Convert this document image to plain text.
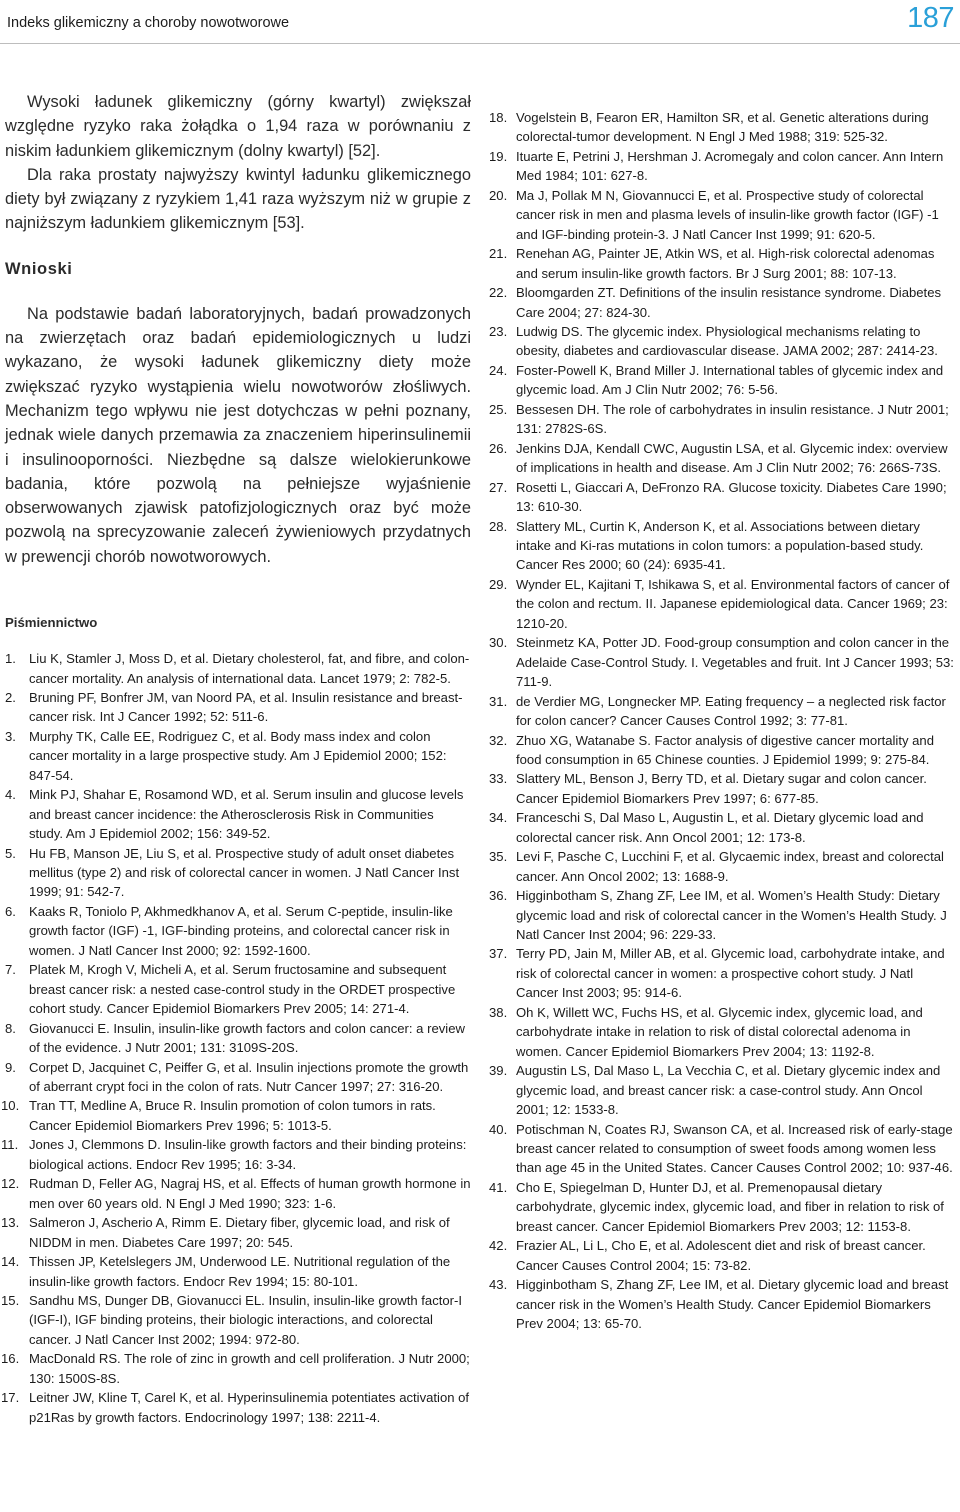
Indeks glikemiczny a choroby nowotworowe	187

Wysoki ładunek glikemiczny (górny kwartyl) zwiększał względne ryzyko raka żołądka o 1,94 raza w porównaniu z niskim ładunkiem glikemicznym (dolny kwartyl) [52].

Dla raka prostaty najwyższy kwintyl ładunku glikemicznego diety był związany z ryzykiem 1,41 raza wyższym niż w grupie z najniższym ładunkiem glikemicznym [53].

Wnioski

Na podstawie badań laboratoryjnych, badań prowadzonych na zwierzętach oraz badań epidemiologicznych u ludzi wykazano, że wysoki ładunek glikemiczny diety może zwiększać ryzyko wystąpienia wielu nowotworów złośliwych. Mechanizm tego wpływu nie jest dotychczas w pełni poznany, jednak wiele danych przemawia za znaczeniem hiperinsulinemii i insulinooporności. Niezbędne są dalsze wielokierunkowe badania, które pozwolą na pełniejsze wyjaśnienie obserwowanych zjawisk patofizjologicznych oraz być może pozwolą na sprecyzowanie zaleceń żywieniowych przydatnych w prewencji chorób nowotworowych.

Piśmiennictwo
1. Liu K, Stamler J, Moss D, et al. Dietary cholesterol, fat, and fibre, and colon-cancer mortality. An analysis of international data. Lancet 1979; 2: 782-5.
2. Bruning PF, Bonfrer JM, van Noord PA, et al. Insulin resistance and breast-cancer risk. Int J Cancer 1992; 52: 511-6.
3. Murphy TK, Calle EE, Rodriguez C, et al. Body mass index and colon cancer mortality in a large prospective study. Am J Epidemiol 2000; 152: 847-54.
4. Mink PJ, Shahar E, Rosamond WD, et al. Serum insulin and glucose levels and breast cancer incidence: the Atherosclerosis Risk in Communities study. Am J Epidemiol 2002; 156: 349-52.
5. Hu FB, Manson JE, Liu S, et al. Prospective study of adult onset diabetes mellitus (type 2) and risk of colorectal cancer in women. J Natl Cancer Inst 1999; 91: 542-7.
6. Kaaks R, Toniolo P, Akhmedkhanov A, et al. Serum C-peptide, insulin-like growth factor (IGF) -1, IGF-binding proteins, and colorectal cancer risk in women. J Natl Cancer Inst 2000; 92: 1592-1600.
7. Platek M, Krogh V, Micheli A, et al. Serum fructosamine and subsequent breast cancer risk: a nested case-control study in the ORDET prospective cohort study. Cancer Epidemiol Biomarkers Prev 2005; 14: 271-4.
8. Giovanucci E. Insulin, insulin-like growth factors and colon cancer: a review of the evidence. J Nutr 2001; 131: 3109S-20S.
9. Corpet D, Jacquinet C, Peiffer G, et al. Insulin injections promote the growth of aberrant crypt foci in the colon of rats. Nutr Cancer 1997; 27: 316-20.
10. Tran TT, Medline A, Bruce R. Insulin promotion of colon tumors in rats. Cancer Epidemiol Biomarkers Prev 1996; 5: 1013-5.
11. Jones J, Clemmons D. Insulin-like growth factors and their binding proteins: biological actions. Endocr Rev 1995; 16: 3-34.
12. Rudman D, Feller AG, Nagraj HS, et al. Effects of human growth hormone in men over 60 years old. N Engl J Med 1990; 323: 1-6.
13. Salmeron J, Ascherio A, Rimm E. Dietary fiber, glycemic load, and risk of NIDDM in men. Diabetes Care 1997; 20: 545.
14. Thissen JP, Ketelslegers JM, Underwood LE. Nutritional regulation of the insulin-like growth factors. Endocr Rev 1994; 15: 80-101.
15. Sandhu MS, Dunger DB, Giovanucci EL. Insulin, insulin-like growth factor-I (IGF-I), IGF binding proteins, their biologic interactions, and colorectal cancer. J Natl Cancer Inst 2002; 1994: 972-80.
16. MacDonald RS. The role of zinc in growth and cell proliferation. J Nutr 2000; 130: 1500S-8S.
17. Leitner JW, Kline T, Carel K, et al. Hyperinsulinemia potentiates activation of p21Ras by growth factors. Endocrinology 1997; 138: 2211-4.
18. Vogelstein B, Fearon ER, Hamilton SR, et al. Genetic alterations during colorectal-tumor development. N Engl J Med 1988; 319: 525-32.
19. Ituarte E, Petrini J, Hershman J. Acromegaly and colon cancer. Ann Intern Med 1984; 101: 627-8.
20. Ma J, Pollak M N, Giovannucci E, et al. Prospective study of colorectal cancer risk in men and plasma levels of insulin-like growth factor (IGF) -1 and IGF-binding protein-3. J Natl Cancer Inst 1999; 91: 620-5.
21. Renehan AG, Painter JE, Atkin WS, et al. High-risk colorectal adenomas and serum insulin-like growth factors. Br J Surg 2001; 88: 107-13.
22. Bloomgarden ZT. Definitions of the insulin resistance syndrome. Diabetes Care 2004; 27: 824-30.
23. Ludwig DS. The glycemic index. Physiological mechanisms relating to obesity, diabetes and cardiovascular disease. JAMA 2002; 287: 2414-23.
24. Foster-Powell K, Brand Miller J. International tables of glycemic index and glycemic load. Am J Clin Nutr 2002; 76: 5-56.
25. Bessesen DH. The role of carbohydrates in insulin resistance. J Nutr 2001; 131: 2782S-6S.
26. Jenkins DJA, Kendall CWC, Augustin LSA, et al. Glycemic index: overview of implications in health and disease. Am J Clin Nutr 2002; 76: 266S-73S.
27. Rosetti L, Giaccari A, DeFronzo RA. Glucose toxicity. Diabetes Care 1990; 13: 610-30.
28. Slattery ML, Curtin K, Anderson K, et al. Associations between dietary intake and Ki-ras mutations in colon tumors: a population-based study. Cancer Res 2000; 60 (24): 6935-41.
29. Wynder EL, Kajitani T, Ishikawa S, et al. Environmental factors of cancer of the colon and rectum. II. Japanese epidemiological data. Cancer 1969; 23: 1210-20.
30. Steinmetz KA, Potter JD. Food-group consumption and colon cancer in the Adelaide Case-Control Study. I. Vegetables and fruit. Int J Cancer 1993; 53: 711-9.
31. de Verdier MG, Longnecker MP. Eating frequency – a neglected risk factor for colon cancer? Cancer Causes Control 1992; 3: 77-81.
32. Zhuo XG, Watanabe S. Factor analysis of digestive cancer mortality and food consumption in 65 Chinese counties. J Epidemiol 1999; 9: 275-84.
33. Slattery ML, Benson J, Berry TD, et al. Dietary sugar and colon cancer. Cancer Epidemiol Biomarkers Prev 1997; 6: 677-85.
34. Franceschi S, Dal Maso L, Augustin L, et al. Dietary glycemic load and colorectal cancer risk. Ann Oncol 2001; 12: 173-8.
35. Levi F, Pasche C, Lucchini F, et al. Glycaemic index, breast and colorectal cancer. Ann Oncol 2002; 13: 1688-9.
36. Higginbotham S, Zhang ZF, Lee IM, et al. Women’s Health Study: Dietary glycemic load and risk of colorectal cancer in the Women’s Health Study. J Natl Cancer Inst 2004; 96: 229-33.
37. Terry PD, Jain M, Miller AB, et al. Glycemic load, carbohydrate intake, and risk of colorectal cancer in women: a prospective cohort study. J Natl Cancer Inst 2003; 95: 914-6.
38. Oh K, Willett WC, Fuchs HS, et al. Glycemic index, glycemic load, and carbohydrate intake in relation to risk of distal colorectal adenoma in women. Cancer Epidemiol Biomarkers Prev 2004; 13: 1192-8.
39. Augustin LS, Dal Maso L, La Vecchia C, et al. Dietary glycemic index and glycemic load, and breast cancer risk: a case-control study. Ann Oncol 2001; 12: 1533-8.
40. Potischman N, Coates RJ, Swanson CA, et al. Increased risk of early-stage breast cancer related to consumption of sweet foods among women less than age 45 in the United States. Cancer Causes Control 2002; 10: 937-46.
41. Cho E, Spiegelman D, Hunter DJ, et al. Premenopausal dietary carbohydrate, glycemic index, glycemic load, and fiber in relation to risk of breast cancer. Cancer Epidemiol Biomarkers Prev 2003; 12: 1153-8.
42. Frazier AL, Li L, Cho E, et al. Adolescent diet and risk of breast cancer. Cancer Causes Control 2004; 15: 73-82.
43. Higginbotham S, Zhang ZF, Lee IM, et al. Dietary glycemic load and breast cancer risk in the Women’s Health Study. Cancer Epidemiol Biomarkers Prev 2004; 13: 65-70.
